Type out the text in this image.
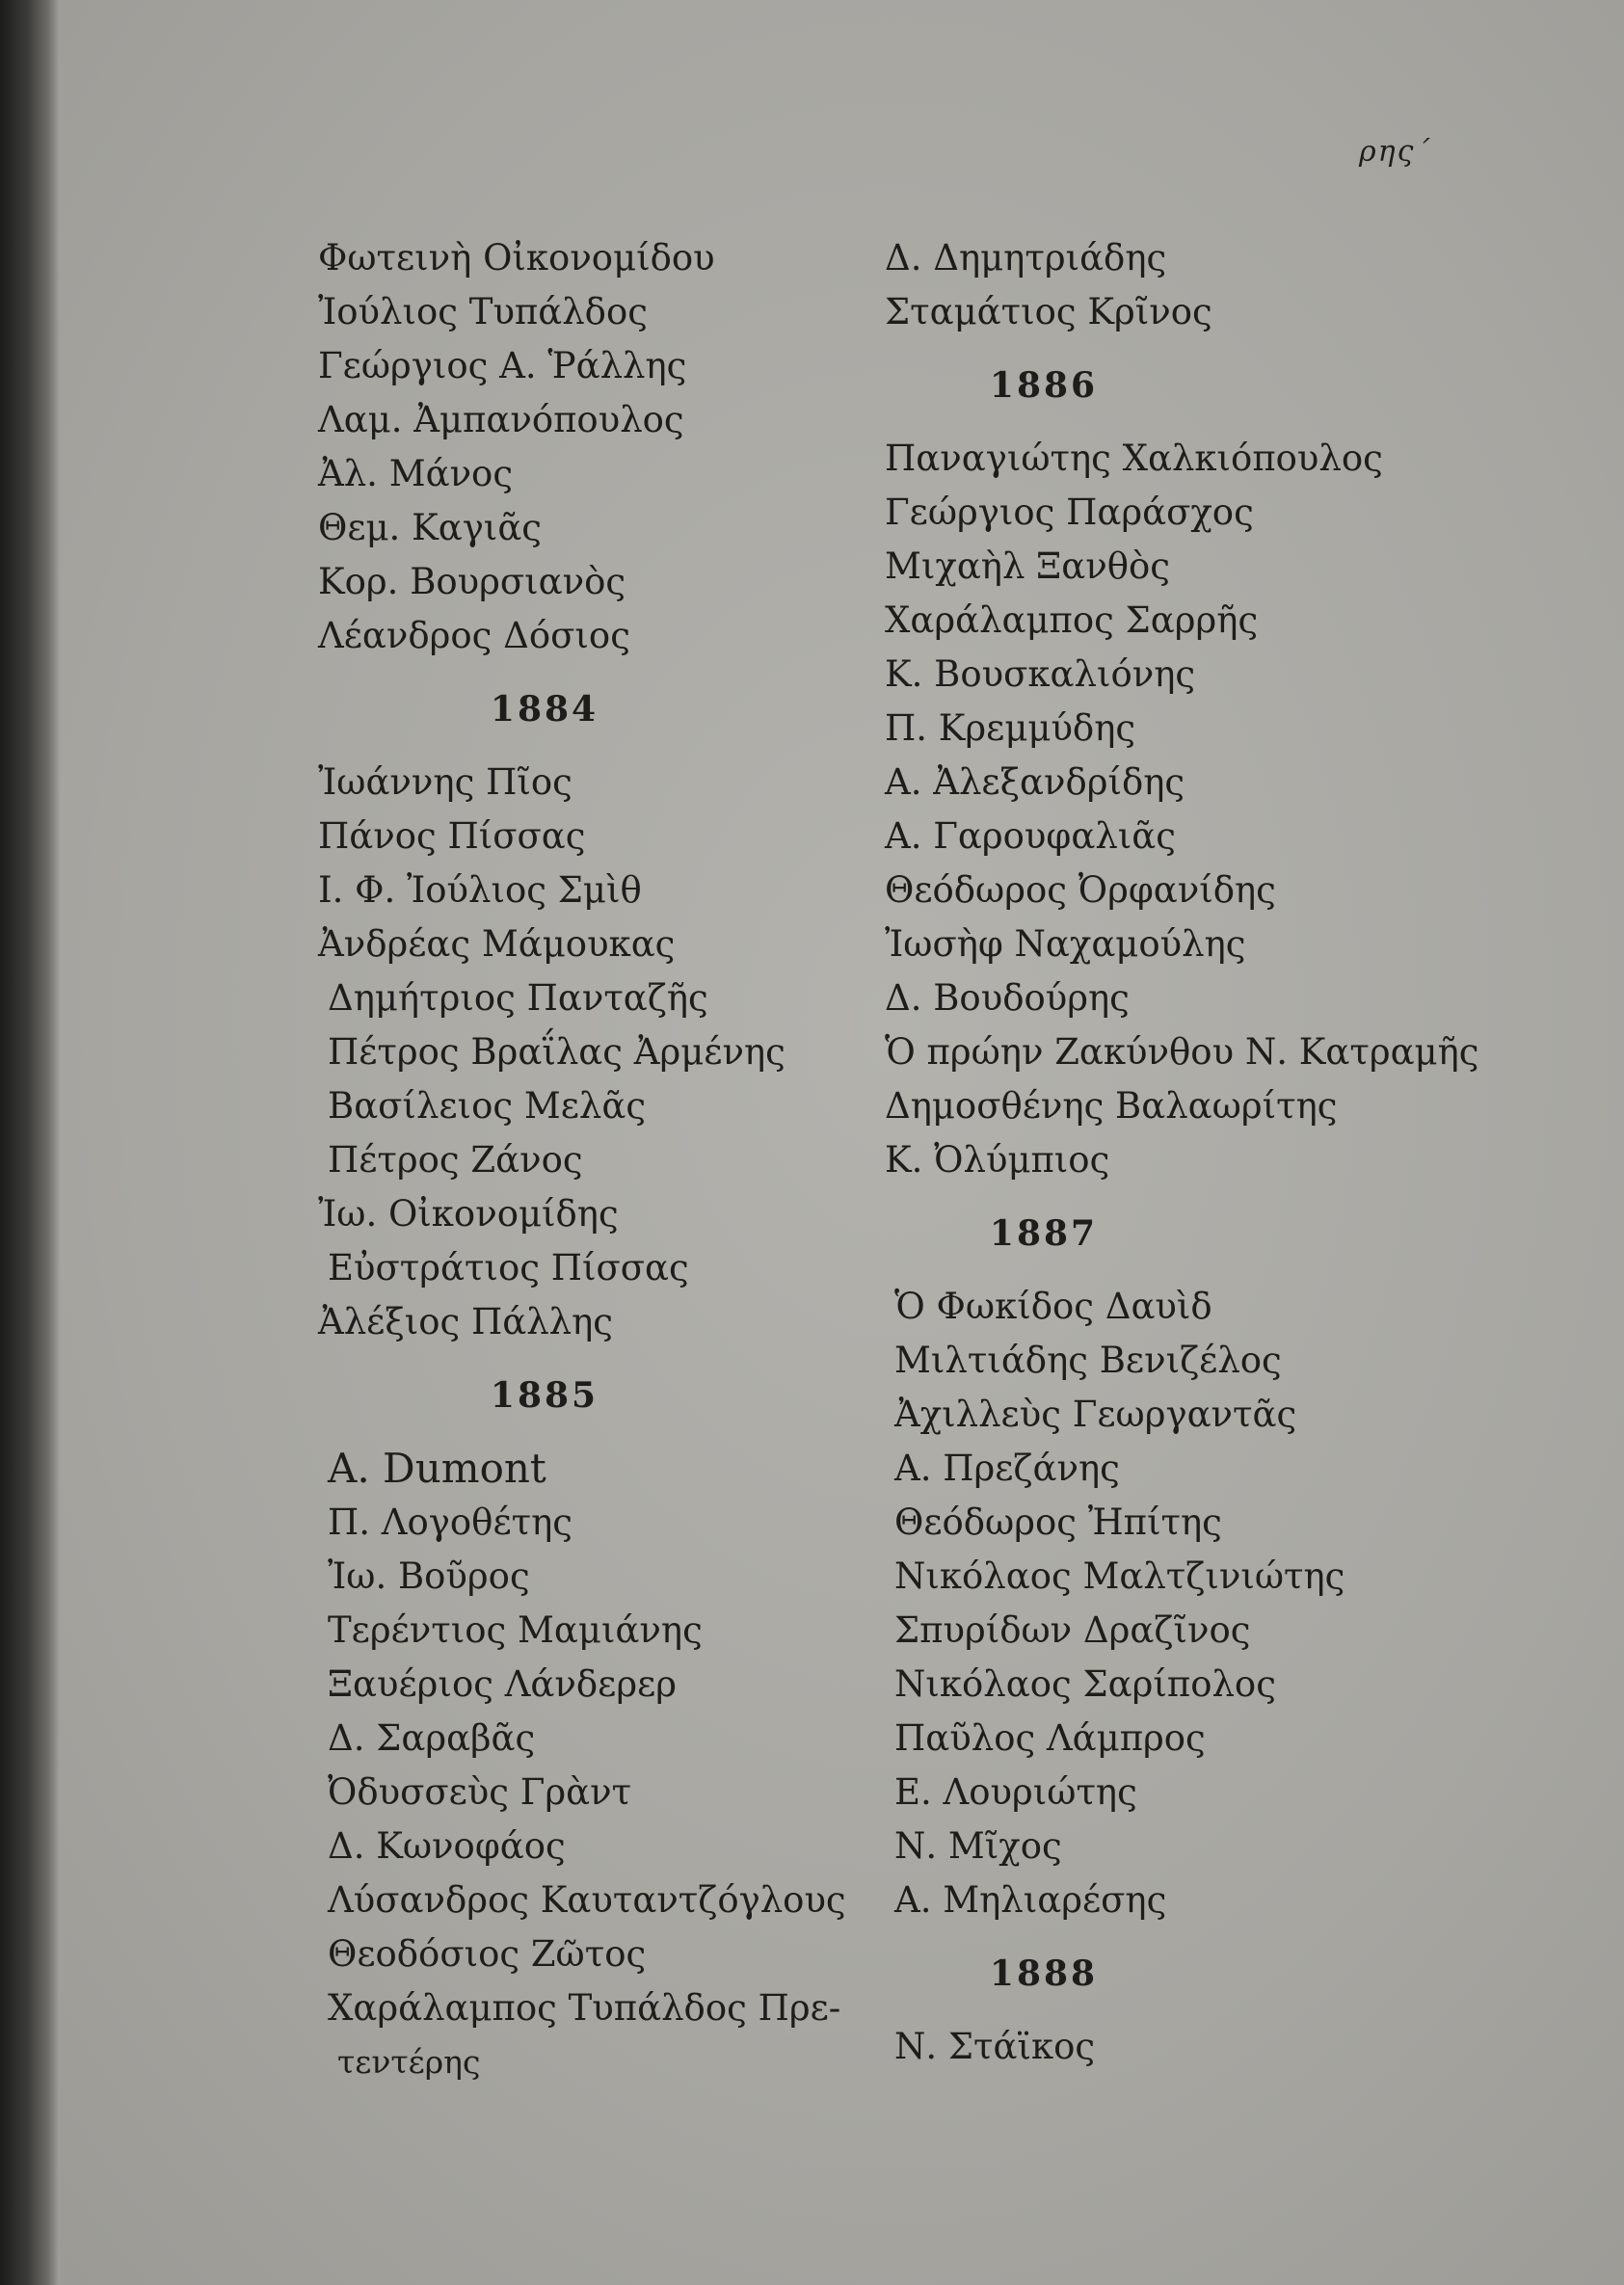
ρης΄
Φωτεινὴ Οἰκονομίδου
Ἰούλιος Τυπάλδος
Γεώργιος Α. Ῥάλλης
Λαμ. Ἀμπανόπουλος
Ἀλ. Μάνος
Θεμ. Καγιᾶς
Κορ. Βουρσιανὸς
Λέανδρος Δόσιος
1884
Ἰωάννης Πῖος
Πάνος Πίσσας
Ι. Φ. Ἰούλιος Σμὶθ
Ἀνδρέας Μάμουκας
Δημήτριος Πανταζῆς
Πέτρος Βραΐλας Ἀρμένης
Βασίλειος Μελᾶς
Πέτρος Ζάνος
Ἰω. Οἰκονομίδης
Εὐστράτιος Πίσσας
Ἀλέξιος Πάλλης
1885
Α. Dumont
Π. Λογοθέτης
Ἰω. Βοῦρος
Τερέντιος Μαμιάνης
Ξαυέριος Λάνδερερ
Δ. Σαραβᾶς
Ὀδυσσεὺς Γρὰντ
Δ. Κωνοφάος
Λύσανδρος Καυταντζόγλους
Θεοδόσιος Ζῶτος
Χαράλαμπος Τυπάλδος Πρε-
τεντέρης
Δ. Δημητριάδης
Σταμάτιος Κρῖνος
1886
Παναγιώτης Χαλκιόπουλος
Γεώργιος Παράσχος
Μιχαὴλ Ξανθὸς
Χαράλαμπος Σαρρῆς
Κ. Βουσκαλιόνης
Π. Κρεμμύδης
Α. Ἀλεξανδρίδης
Α. Γαρουφαλιᾶς
Θεόδωρος Ὀρφανίδης
Ἰωσὴφ Ναχαμούλης
Δ. Βουδούρης
Ὁ πρώην Ζακύνθου Ν. Κατραμῆς
Δημοσθένης Βαλαωρίτης
Κ. Ὀλύμπιος
1887
Ὁ Φωκίδος Δαυὶδ
Μιλτιάδης Βενιζέλος
Ἀχιλλεὺς Γεωργαντᾶς
Α. Πρεζάνης
Θεόδωρος Ἠπίτης
Νικόλαος Μαλτζινιώτης
Σπυρίδων Δραζῖνος
Νικόλαος Σαρίπολος
Παῦλος Λάμπρος
Ε. Λουριώτης
Ν. Μῖχος
Α. Μηλιαρέσης
1888
Ν. Στάϊκος
